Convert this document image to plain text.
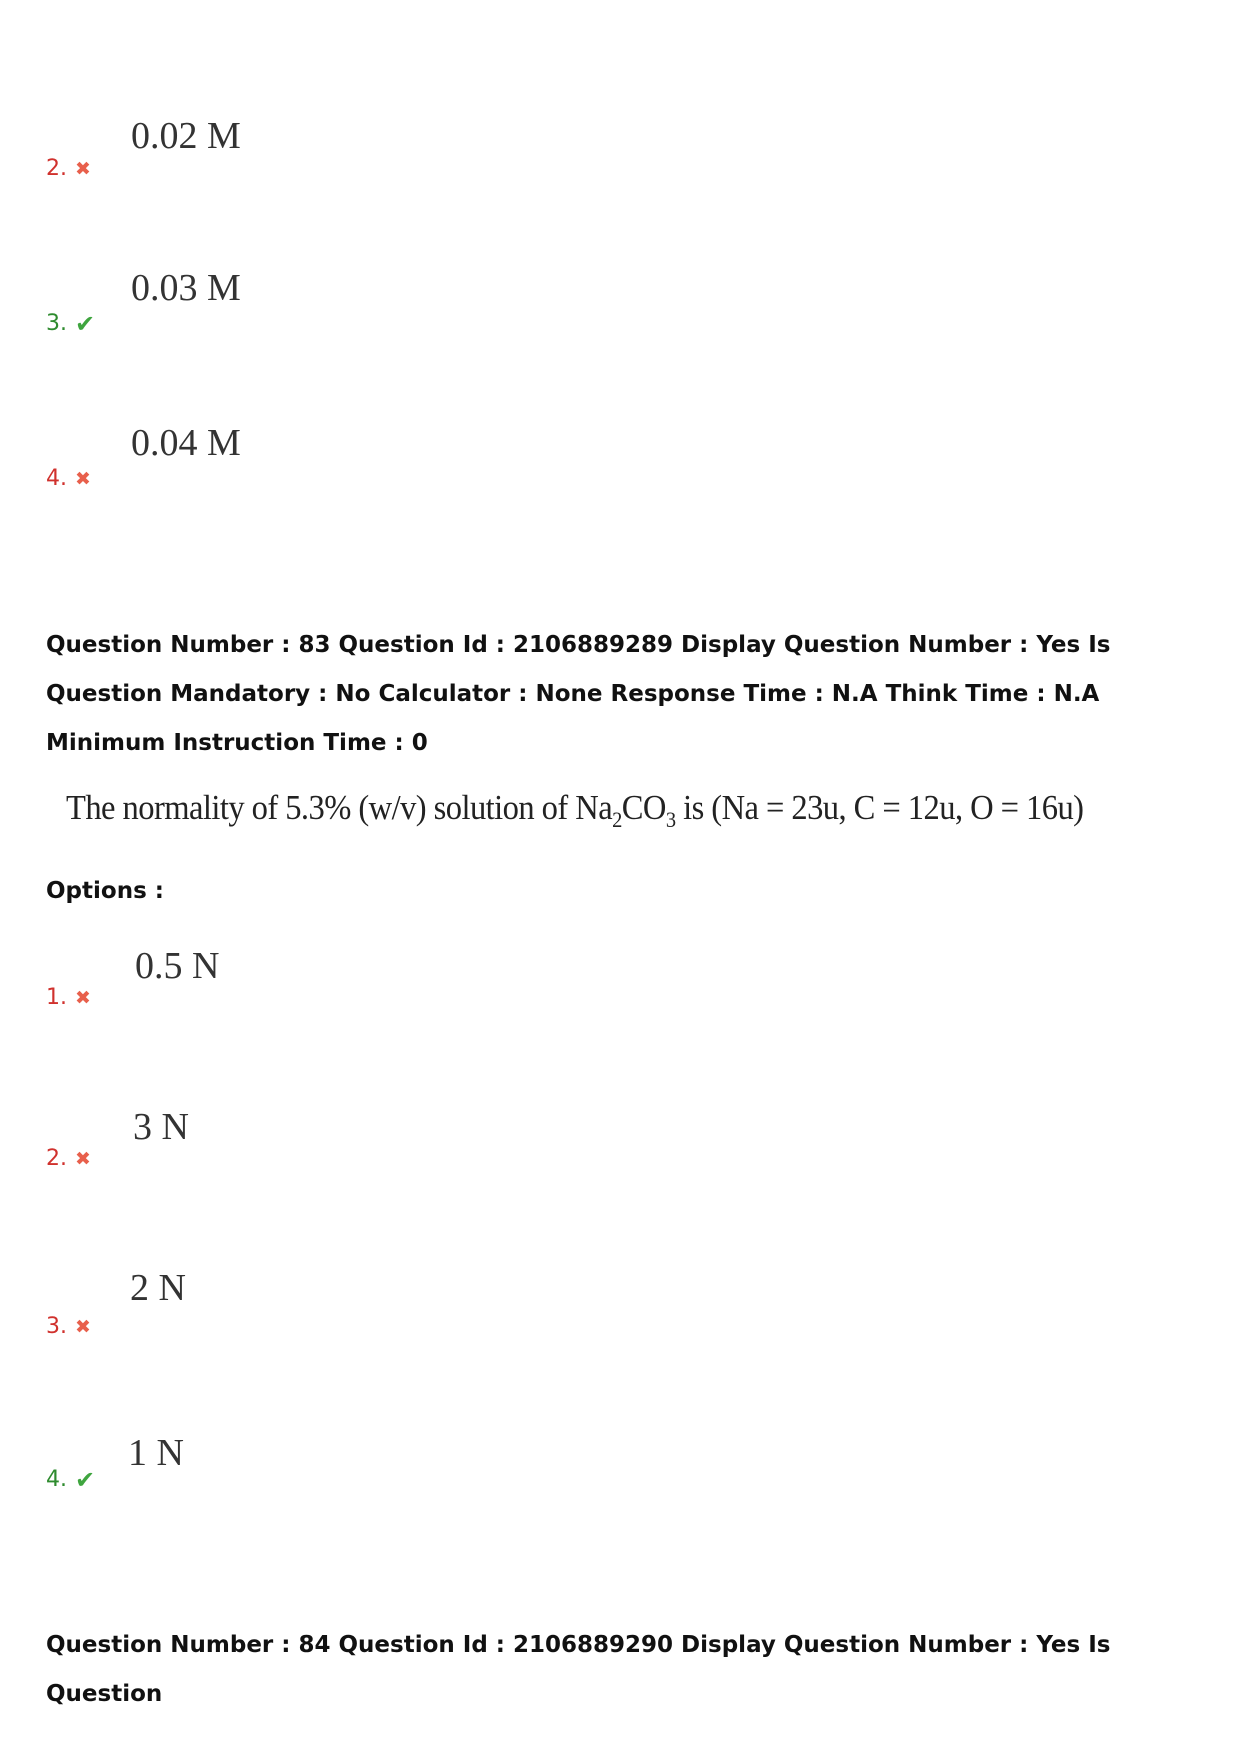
2. ✖
0.02 M
3. ✔
0.03 M
4. ✖
0.04 M
Question Number : 83 Question Id : 2106889289 Display Question Number : Yes Is Question Mandatory : No Calculator : None Response Time : N.A Think Time : N.A Minimum Instruction Time : 0
The normality of 5.3% (w/v) solution of $Na_2CO_3$ is (Na = 23u, C = 12u, O = 16u)
Options :
1. ✖
0.5 N
2. ✖
3 N
3. ✖
2 N
4. ✔
1 N
Question Number : 84 Question Id : 2106889290 Display Question Number : Yes Is Question
